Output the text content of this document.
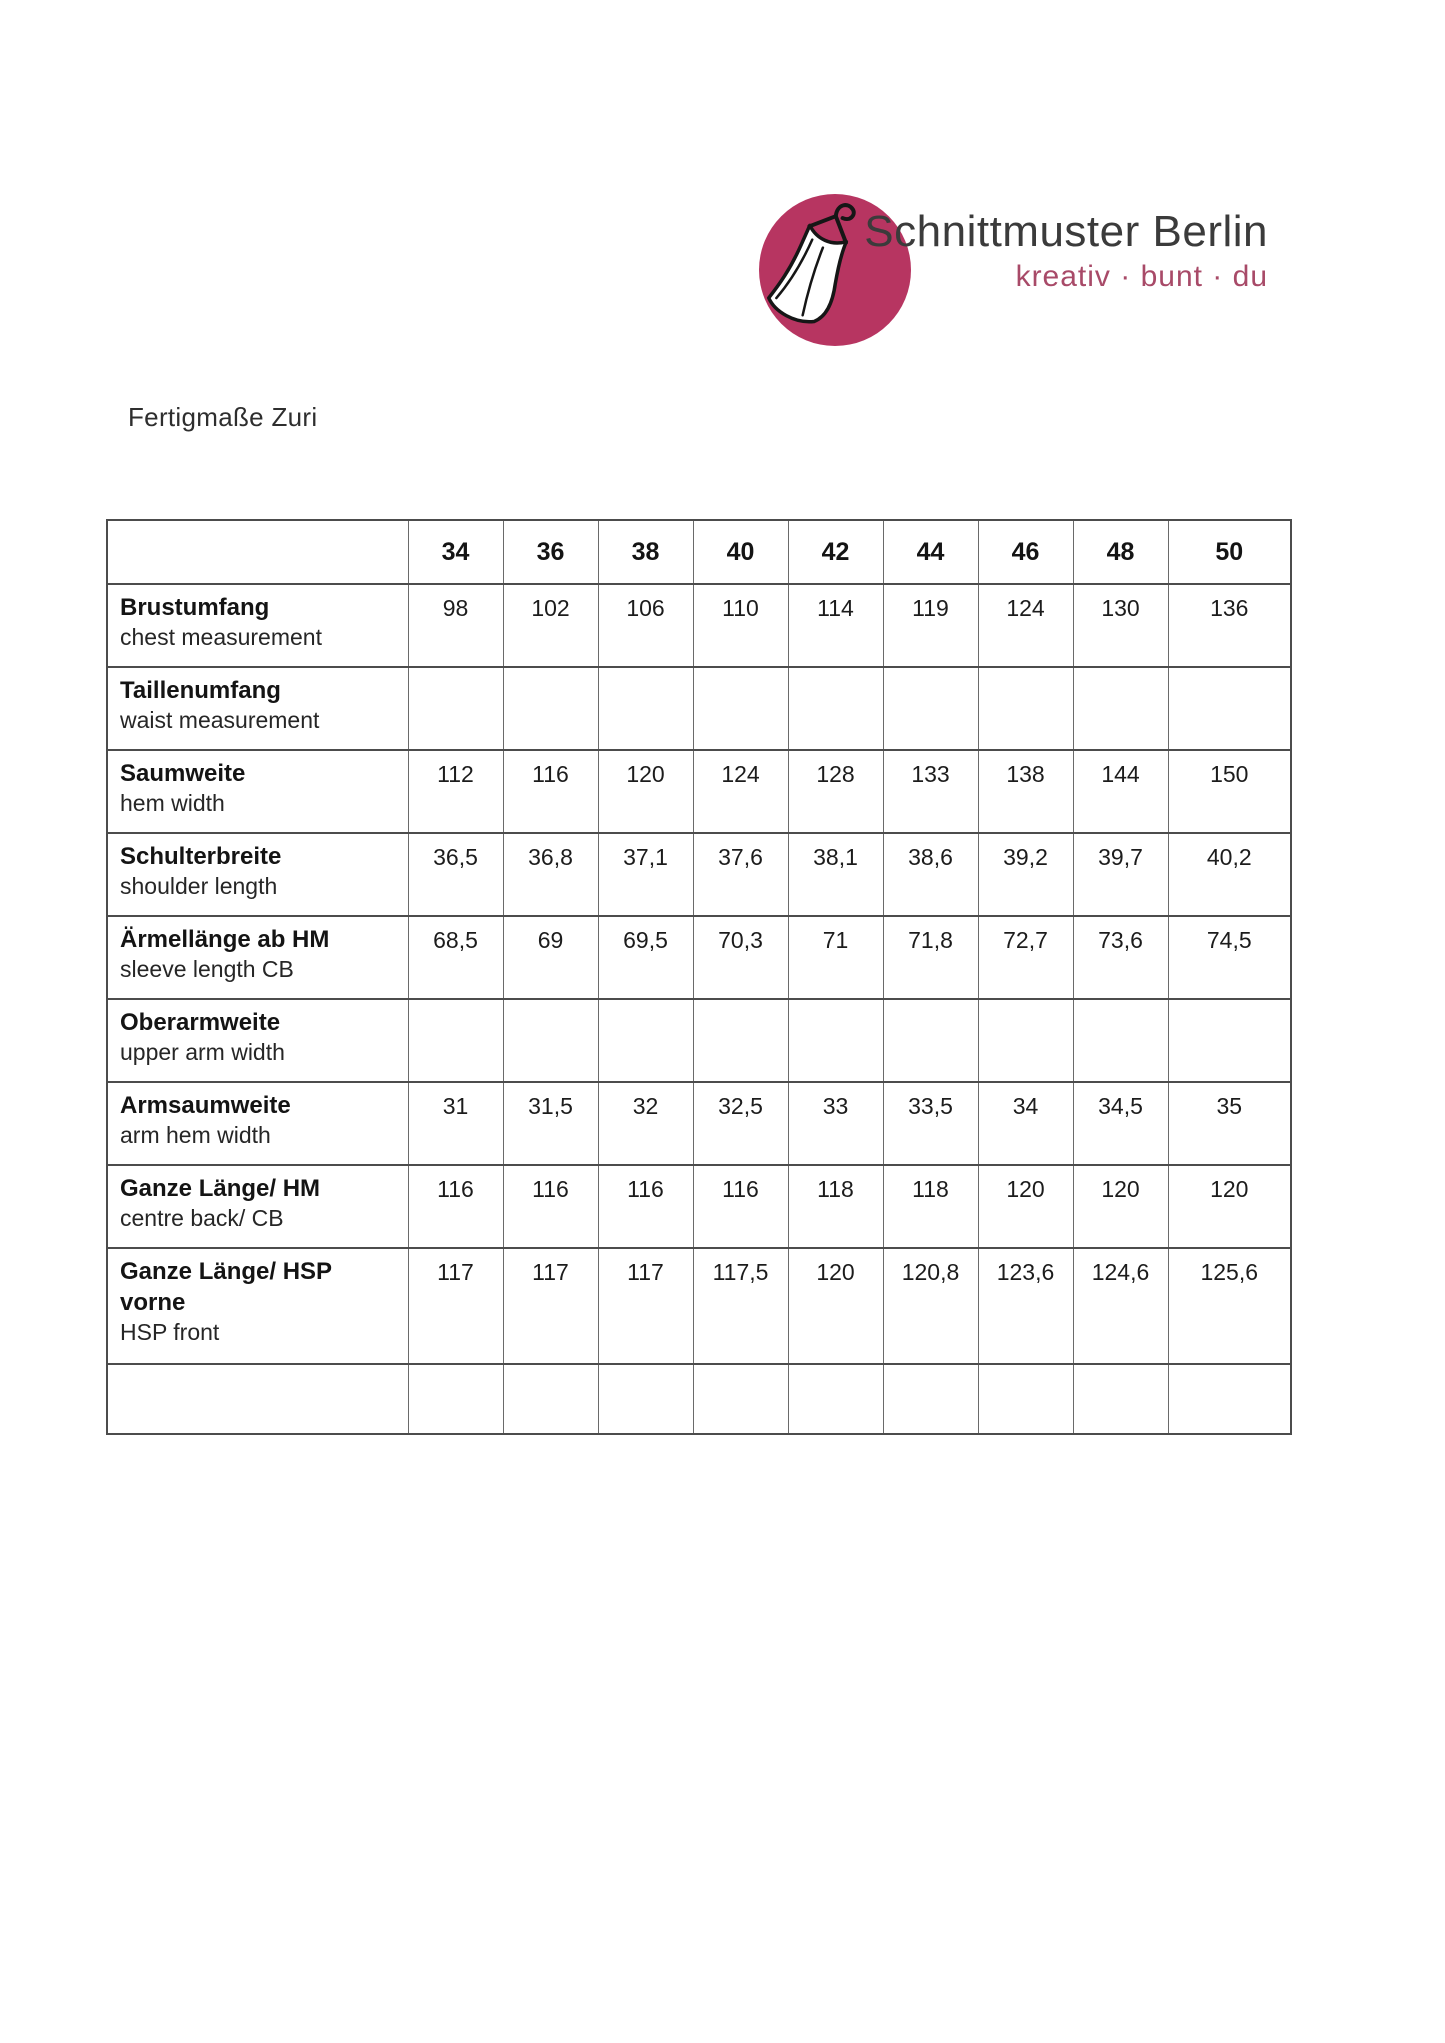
Schnittmuster Berlin
kreativ · bunt · du
Fertigmaße Zuri
	34	36	38	40	42	44	46	48	50

Brustumfang
chest measurement	98	102	106	110	114	119	124	130	136

Taillenumfang
waist measurement									

Saumweite
hem width	112	116	120	124	128	133	138	144	150

Schulterbreite
shoulder length	36,5	36,8	37,1	37,6	38,1	38,6	39,2	39,7	40,2

Ärmellänge ab HM
sleeve length CB	68,5	69	69,5	70,3	71	71,8	72,7	73,6	74,5

Oberarmweite
upper arm width									

Armsaumweite
arm hem width	31	31,5	32	32,5	33	33,5	34	34,5	35

Ganze Länge/ HM
centre back/ CB	116	116	116	116	118	118	120	120	120

Ganze Länge/ HSP vorne
HSP front	117	117	117	117,5	120	120,8	123,6	124,6	125,6
